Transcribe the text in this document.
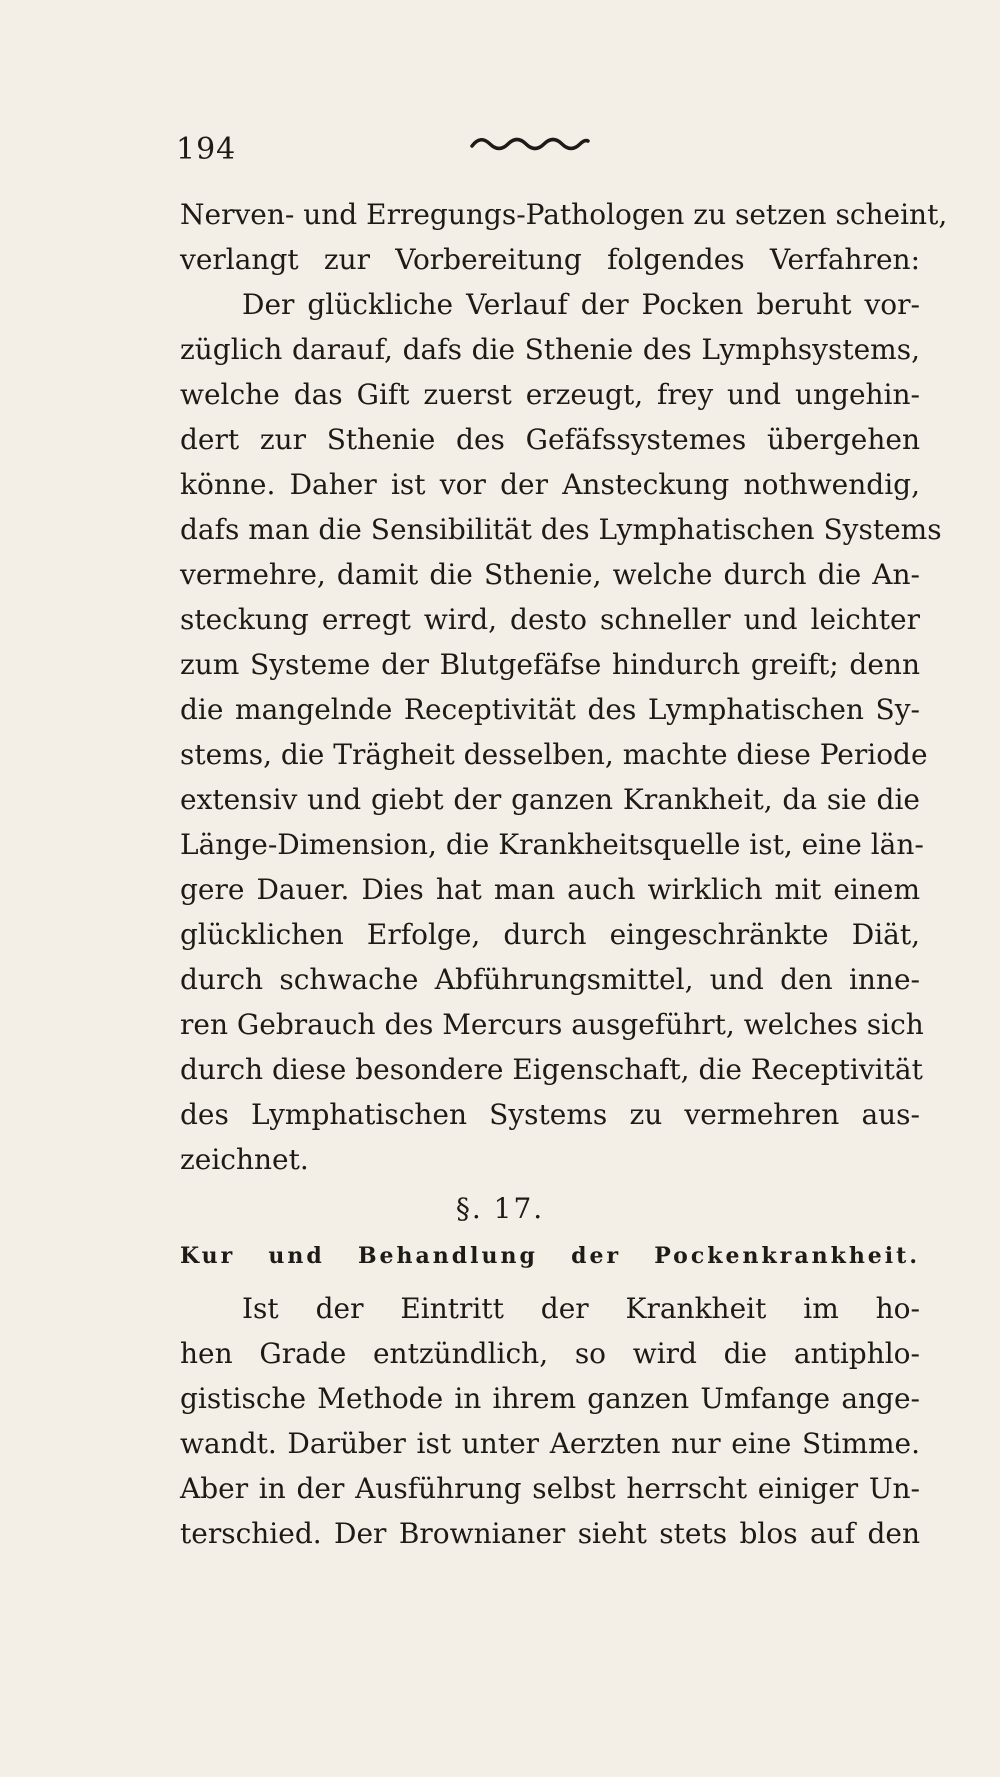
194
Nerven- und Erregungs-Pathologen zu setzen scheint,
verlangt zur Vorbereitung folgendes Verfahren:
Der glückliche Verlauf der Pocken beruht vor-
züglich darauf, dafs die Sthenie des Lymphsystems,
welche das Gift zuerst erzeugt, frey und ungehin-
dert zur Sthenie des Gefäfssystemes übergehen
könne. Daher ist vor der Ansteckung nothwendig,
dafs man die Sensibilität des Lymphatischen Systems
vermehre, damit die Sthenie, welche durch die An-
steckung erregt wird, desto schneller und leichter
zum Systeme der Blutgefäfse hindurch greift; denn
die mangelnde Receptivität des Lymphatischen Sy-
stems, die Trägheit desselben, machte diese Periode
extensiv und giebt der ganzen Krankheit, da sie die
Länge-Dimension, die Krankheitsquelle ist, eine län-
gere Dauer. Dies hat man auch wirklich mit einem
glücklichen Erfolge, durch eingeschränkte Diät,
durch schwache Abführungsmittel, und den inne-
ren Gebrauch des Mercurs ausgeführt, welches sich
durch diese besondere Eigenschaft, die Receptivität
des Lymphatischen Systems zu vermehren aus-
zeichnet.
§. 17.
Kur und Behandlung der Pockenkrankheit.
Ist der Eintritt der Krankheit im ho-
hen Grade entzündlich, so wird die antiphlo-
gistische Methode in ihrem ganzen Umfange ange-
wandt. Darüber ist unter Aerzten nur eine Stimme.
Aber in der Ausführung selbst herrscht einiger Un-
terschied. Der Brownianer sieht stets blos auf den
